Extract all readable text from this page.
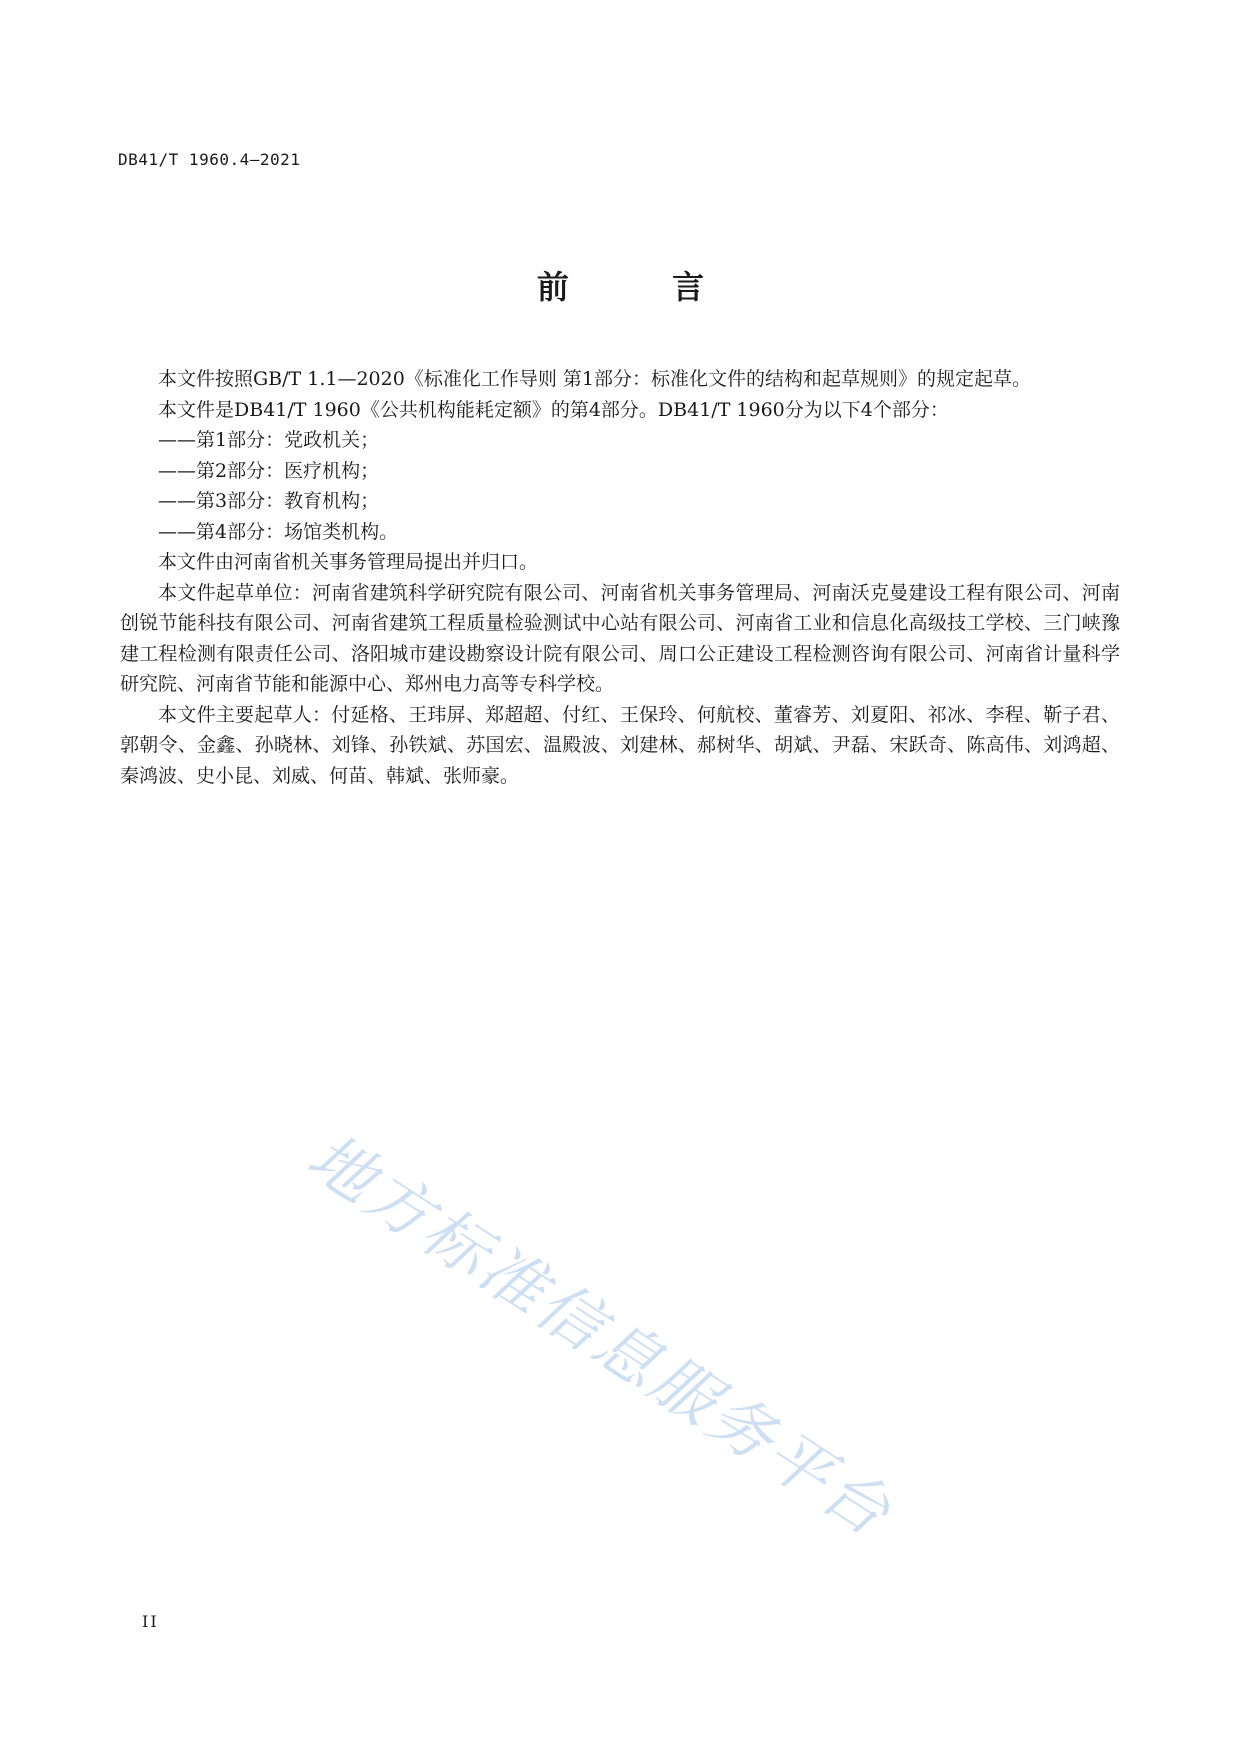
DB41/T 1960.4—2021
前 言

本文件按照GB/T 1.1—2020《标准化工作导则 第1部分：标准化文件的结构和起草规则》的规定起草。

本文件是DB41/T 1960《公共机构能耗定额》的第4部分。DB41/T 1960分为以下4个部分：

——第1部分：党政机关；

——第2部分：医疗机构；

——第3部分：教育机构；

——第4部分：场馆类机构。

本文件由河南省机关事务管理局提出并归口。

本文件起草单位：河南省建筑科学研究院有限公司、河南省机关事务管理局、河南沃克曼建设工程有限公司、河南创锐节能科技有限公司、河南省建筑工程质量检验测试中心站有限公司、河南省工业和信息化高级技工学校、三门峡豫建工程检测有限责任公司、洛阳城市建设勘察设计院有限公司、周口公正建设工程检测咨询有限公司、河南省计量科学研究院、河南省节能和能源中心、郑州电力高等专科学校。

本文件主要起草人：付延格、王玮屏、郑超超、付红、王保玲、何航校、董睿芳、刘夏阳、祁冰、李程、靳子君、郭朝令、金鑫、孙晓林、刘锋、孙铁斌、苏国宏、温殿波、刘建林、郝树华、胡斌、尹磊、宋跃奇、陈高伟、刘鸿超、秦鸿波、史小昆、刘威、何苗、韩斌、张师豪。

地方标准信息服务平台
II
